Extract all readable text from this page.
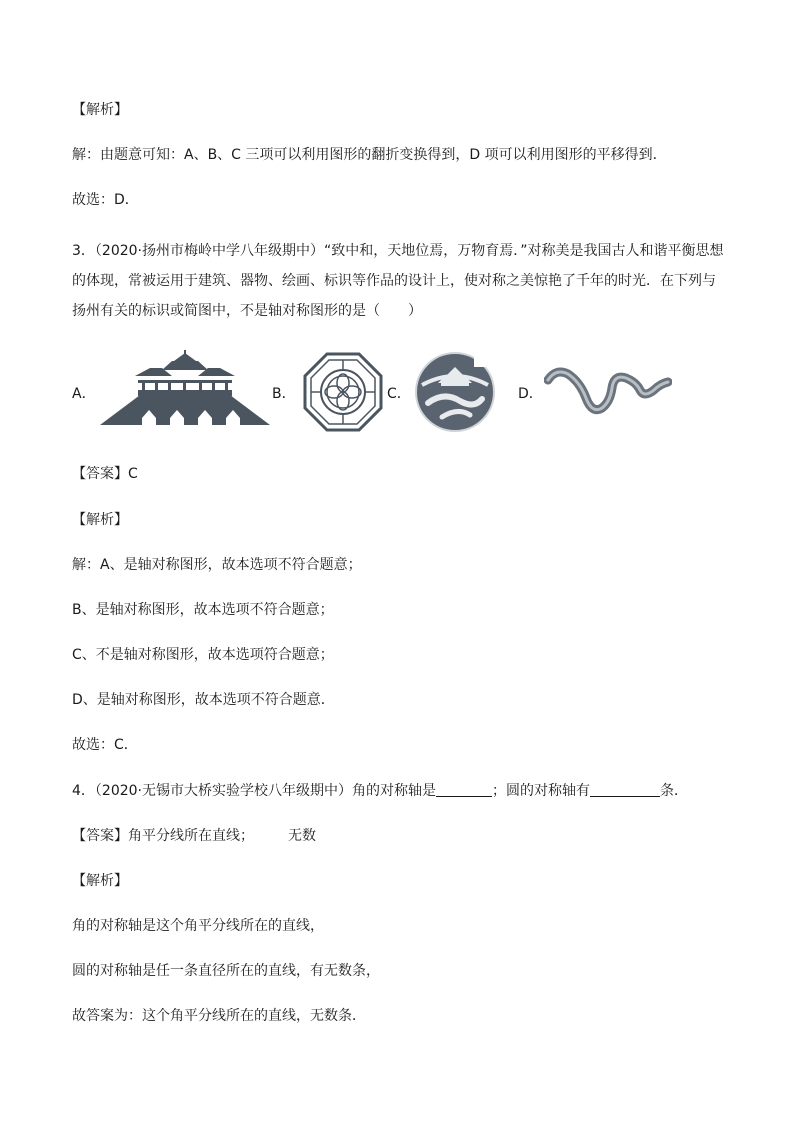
【解析】
解：由题意可知：A、B、C 三项可以利用图形的翻折变换得到，D 项可以利用图形的平移得到．
故选：D．
3．（2020·扬州市梅岭中学八年级期中）“致中和，天地位焉，万物育焉．”对称美是我国古人和谐平衡思想的体现，常被运用于建筑、器物、绘画、标识等作品的设计上，使对称之美惊艳了千年的时光．在下列与扬州有关的标识或简图中，不是轴对称图形的是（　　）
A．	B．	C．	D．
【答案】C
【解析】
解：A、是轴对称图形，故本选项不符合题意；
B、是轴对称图形，故本选项不符合题意；
C、不是轴对称图形，故本选项符合题意；
D、是轴对称图形，故本选项不符合题意．
故选：C．
4．（2020·无锡市大桥实验学校八年级期中）角的对称轴是	；圆的对称轴有	条．
【答案】角平分线所在直线； 无数
【解析】
角的对称轴是这个角平分线所在的直线，
圆的对称轴是任一条直径所在的直线，有无数条，
故答案为：这个角平分线所在的直线，无数条．
